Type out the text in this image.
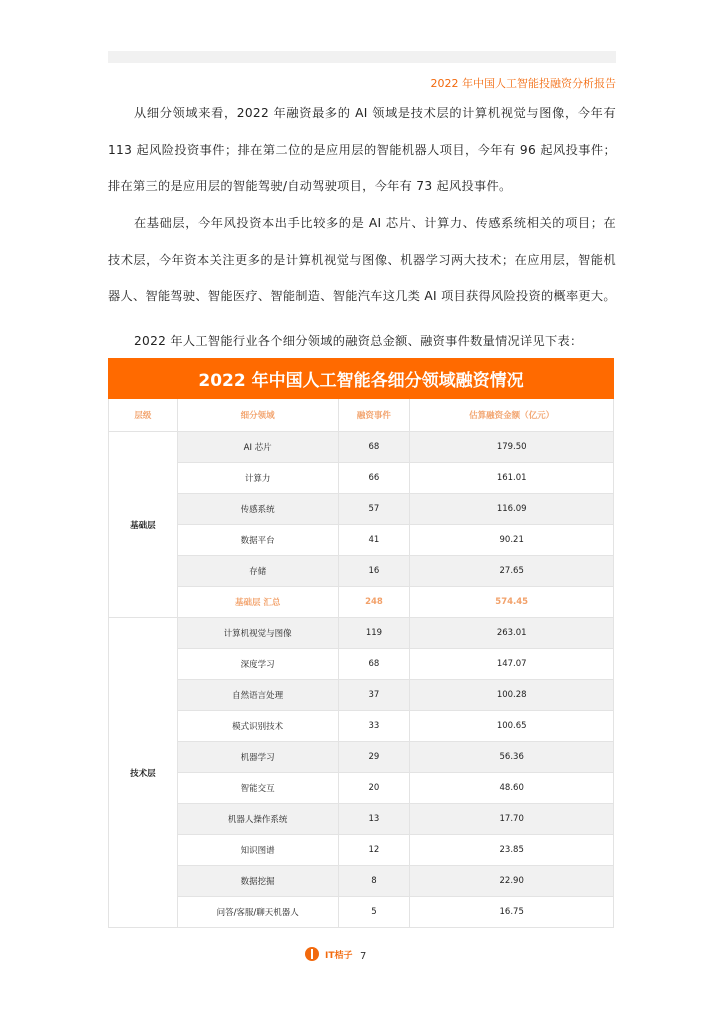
2022 年中国人工智能投融资分析报告
从细分领域来看，2022 年融资最多的 AI 领域是技术层的计算机视觉与图像，今年有 113 起风险投资事件；排在第二位的是应用层的智能机器人项目，今年有 96 起风投事件；排在第三的是应用层的智能驾驶/自动驾驶项目，今年有 73 起风投事件。
在基础层，今年风投资本出手比较多的是 AI 芯片、计算力、传感系统相关的项目；在技术层，今年资本关注更多的是计算机视觉与图像、机器学习两大技术；在应用层，智能机器人、智能驾驶、智能医疗、智能制造、智能汽车这几类 AI 项目获得风险投资的概率更大。
2022 年人工智能行业各个细分领域的融资总金额、融资事件数量情况详见下表：
2022 年中国人工智能各细分领域融资情况			
层级	细分领域	融资事件	估算融资金额（亿元）
基础层	AI 芯片	68	179.50
	计算力	66	161.01
	传感系统	57	116.09
	数据平台	41	90.21
	存储	16	27.65
	基础层 汇总	248	574.45
技术层	计算机视觉与图像	119	263.01
	深度学习	68	147.07
	自然语言处理	37	100.28
	模式识别技术	33	100.65
	机器学习	29	56.36
	智能交互	20	48.60
	机器人操作系统	13	17.70
	知识图谱	12	23.85
	数据挖掘	8	22.90
	问答/客服/聊天机器人	5	16.75
IT桔子 7
